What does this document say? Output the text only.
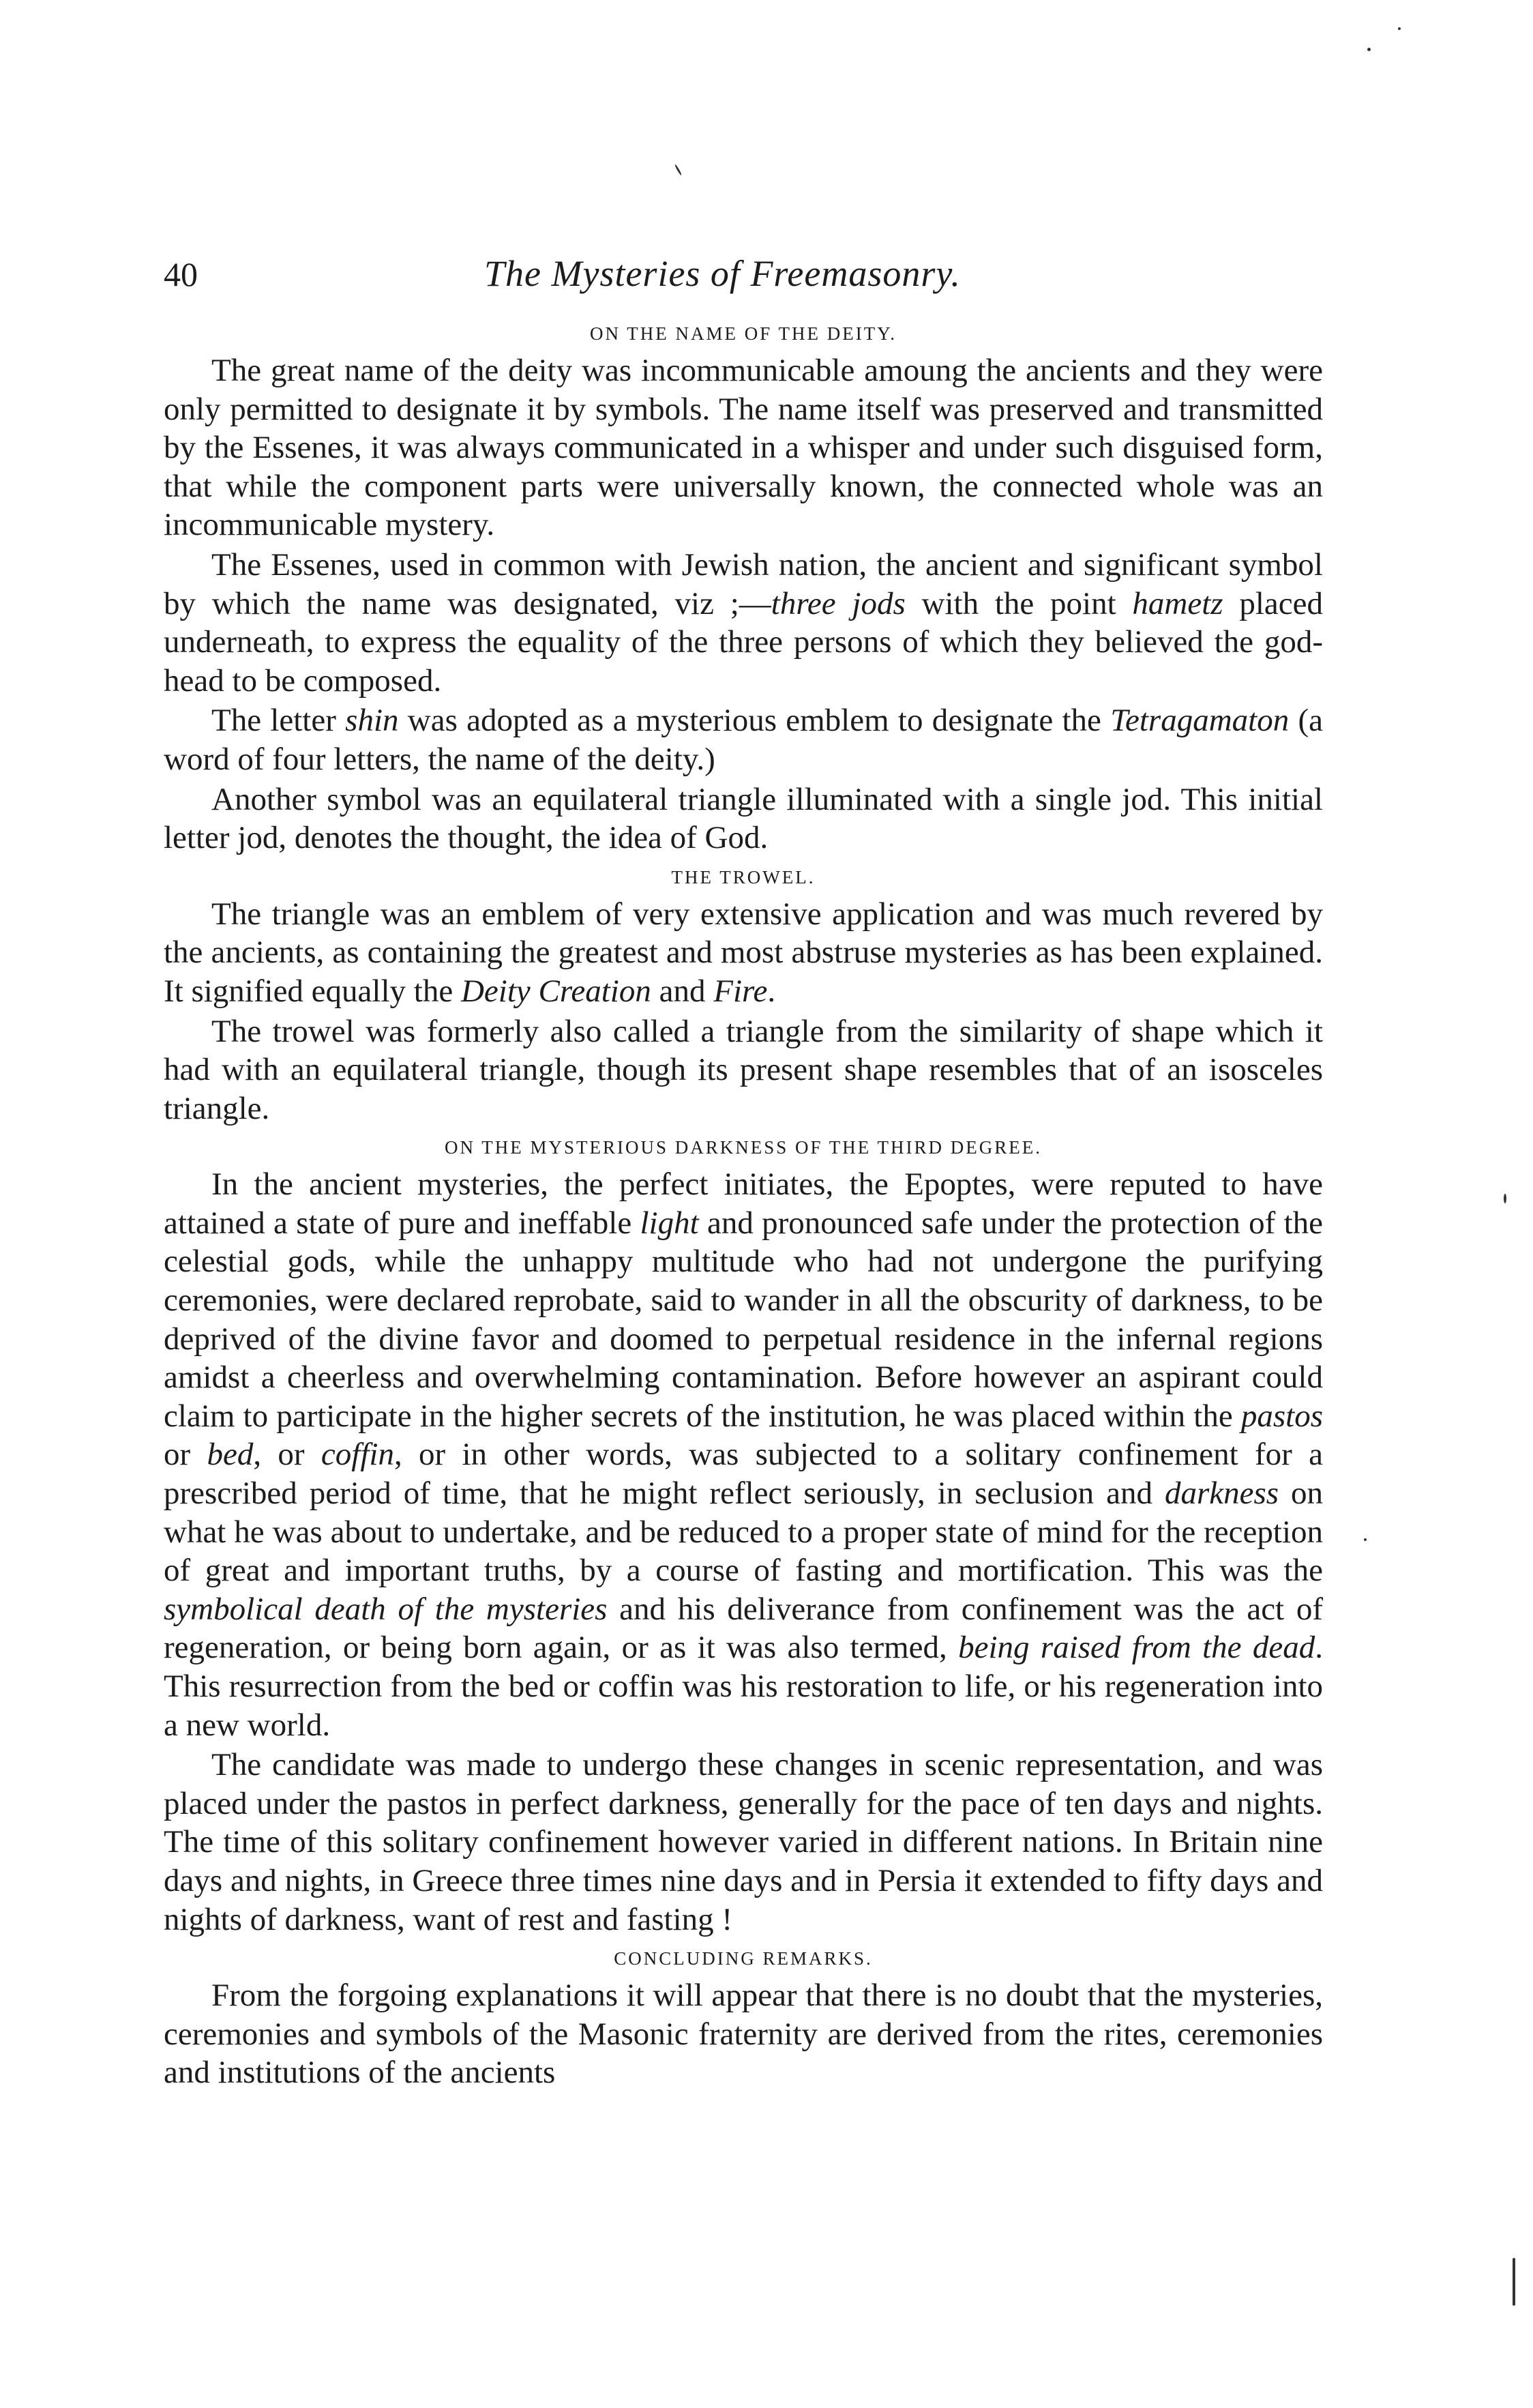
40	The Mysteries of Freemasonry.
ON THE NAME OF THE DEITY.

The great name of the deity was incommunicable amoung the ancients and they were only permitted to designate it by symbols. The name itself was preserved and transmitted by the Essenes, it was always communicated in a whisper and under such disguised form, that while the component parts were universally known, the connected whole was an incommunicable mystery.

The Essenes, used in common with Jewish nation, the ancient and significant symbol by which the name was designated, viz ;—three jods with the point hametz placed underneath, to express the equality of the three persons of which they believed the god-head to be composed.

The letter shin was adopted as a mysterious emblem to designate the Tetragamaton (a word of four letters, the name of the deity.)

Another symbol was an equilateral triangle illuminated with a single jod. This initial letter jod, denotes the thought, the idea of God.

THE TROWEL.

The triangle was an emblem of very extensive application and was much revered by the ancients, as containing the greatest and most abstruse mysteries as has been explained. It signified equally the Deity Creation and Fire.

The trowel was formerly also called a triangle from the similarity of shape which it had with an equilateral triangle, though its present shape resembles that of an isosceles triangle.

ON THE MYSTERIOUS DARKNESS OF THE THIRD DEGREE.

In the ancient mysteries, the perfect initiates, the Epoptes, were reputed to have attained a state of pure and ineffable light and pronounced safe under the protection of the celestial gods, while the unhappy multitude who had not undergone the purifying ceremonies, were declared reprobate, said to wander in all the obscurity of darkness, to be deprived of the divine favor and doomed to perpetual residence in the infernal regions amidst a cheerless and overwhelming contamination. Before however an aspirant could claim to participate in the higher secrets of the institution, he was placed within the pastos or bed, or coffin, or in other words, was subjected to a solitary confinement for a prescribed period of time, that he might reflect seriously, in seclusion and darkness on what he was about to undertake, and be reduced to a proper state of mind for the reception of great and important truths, by a course of fasting and mortification. This was the symbolical death of the mysteries and his deliverance from confinement was the act of regeneration, or being born again, or as it was also termed, being raised from the dead. This resurrection from the bed or coffin was his restoration to life, or his regeneration into a new world.

The candidate was made to undergo these changes in scenic representation, and was placed under the pastos in perfect darkness, generally for the pace of ten days and nights. The time of this solitary confinement however varied in different nations. In Britain nine days and nights, in Greece three times nine days and in Persia it extended to fifty days and nights of darkness, want of rest and fasting !

CONCLUDING REMARKS.

From the forgoing explanations it will appear that there is no doubt that the mysteries, ceremonies and symbols of the Masonic fraternity are derived from the rites, ceremonies and institutions of the ancients
